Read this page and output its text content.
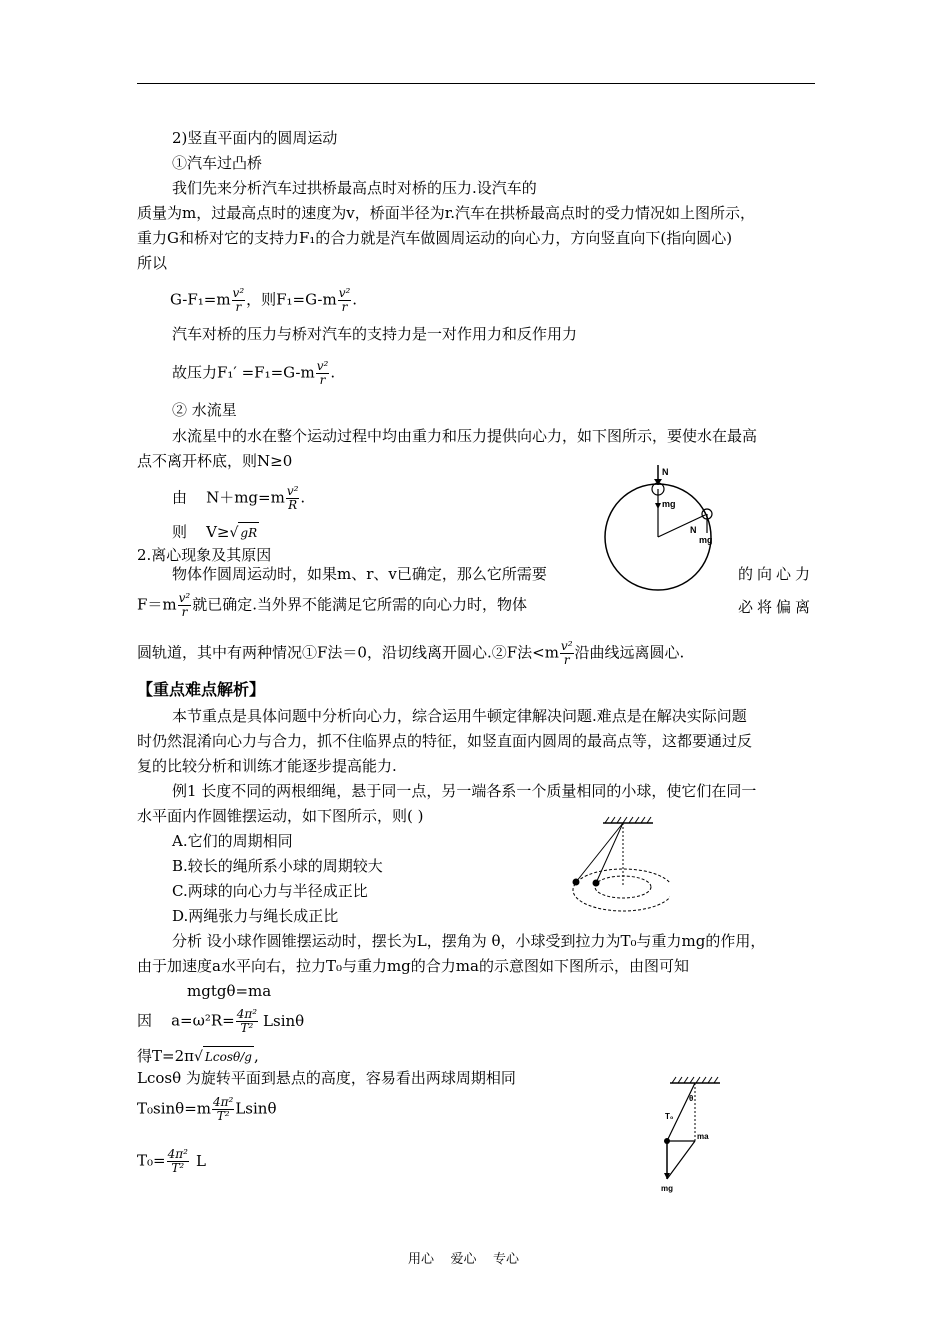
2)竖直平面内的圆周运动
①汽车过凸桥
我们先来分析汽车过拱桥最高点时对桥的压力.设汽车的
质量为m，过最高点时的速度为v，桥面半径为r.汽车在拱桥最高点时的受力情况如上图所示，
重力G和桥对它的支持力F₁的合力就是汽车做圆周运动的向心力，方向竖直向下(指向圆心)
所以
$G-F_1=m \frac{\text{v²}}{r}$ ，则$F_1=G-m \frac{\text{v²}}{r}$ .
汽车对桥的压力与桥对汽车的支持力是一对作用力和反作用力
故压力$F_1' =F_1=G-m \frac{\text{v²}}{r}$ .
② 水流星
水流星中的水在整个运动过程中均由重力和压力提供向心力，如下图所示，要使水在最高
点不离开杯底，则N≥0
由    $N+mg=m \frac{\text{v²}}{R}$ .
则    V≥√ gR
2.离心现象及其原因
物体作圆周运动时，如果m、r、v已确定，那么它所需要	的向心力
$F=m \frac{\text{v²}}{r}$ 就已确定.当外界不能满足它所需的向心力时，物体	必将偏离
圆轨道，其中有两种情况①F法＝0，沿切线离开圆心.②F法$<m \frac{\text{v²}}{r}$ 沿曲线远离圆心.
【重点难点解析】
本节重点是具体问题中分析向心力，综合运用牛顿定律解决问题.难点是在解决实际问题
时仍然混淆向心力与合力，抓不住临界点的特征，如竖直面内圆周的最高点等，这都要通过反
复的比较分析和训练才能逐步提高能力.
例1 长度不同的两根细绳，悬于同一点，另一端各系一个质量相同的小球，使它们在同一
水平面内作圆锥摆运动，如下图所示，则( )
A.它们的周期相同
B.较长的绳所系小球的周期较大
C.两球的向心力与半径成正比
D.两绳张力与绳长成正比
分析 设小球作圆锥摆运动时，摆长为L，摆角为 θ，小球受到拉力为T₀与重力mg的作用，
由于加速度a水平向右，拉力T₀与重力mg的合力ma的示意图如下图所示，由图可知
mgtgθ=ma
因    $a=\omega^2R= \frac{\text{4π²}}{\text{T²}}$ Lsinθ
得T=2π√ Lcosθ/g ,
Lcosθ 为旋转平面到悬点的高度，容易看出两球周期相同
$T_0\sin\theta=m \frac{\text{4π²}}{\text{T²}}$ Lsinθ
$T_0= \frac{\text{4π²}}{\text{T²}}$ L
N
mg
N
mg
T₀
θ
ma
mg
用心    爱心    专心
